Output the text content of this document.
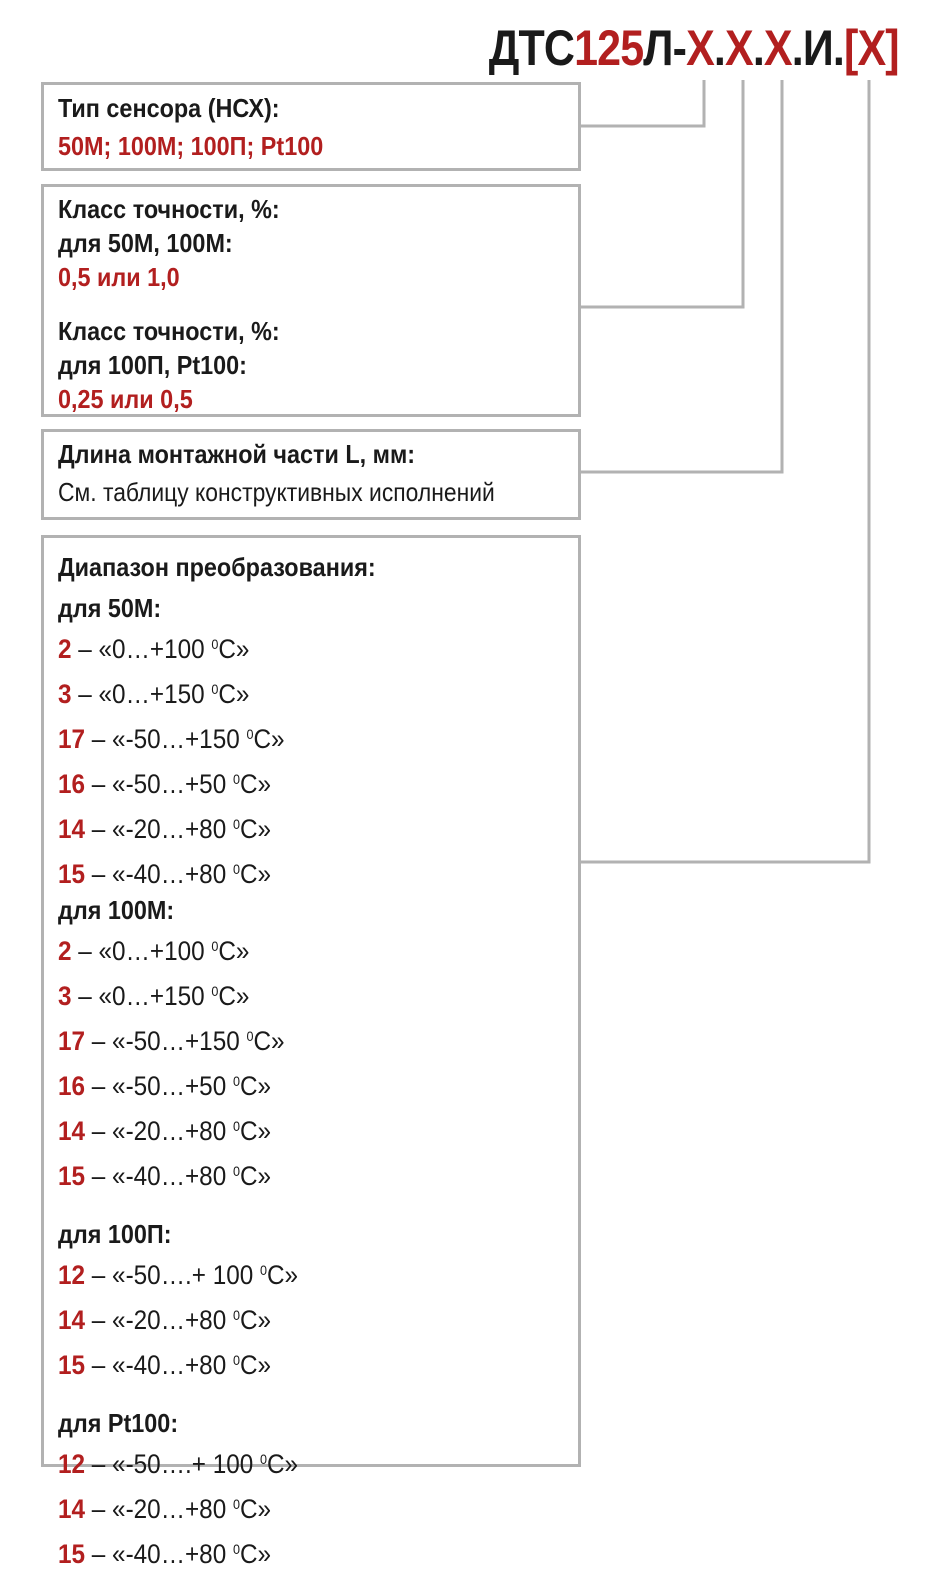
ДТС125Л-Х.Х.Х.И.[Х]
Тип сенсора (НСХ):
50М; 100М; 100П; Pt100
Класс точности, %:
для 50М, 100М:
0,5 или 1,0
Класс точности, %:
для 100П, Pt100:
0,25 или 0,5
Длина монтажной части L, мм:
См. таблицу конструктивных исполнений
Диапазон преобразования:
для 50М:
2 – «0…+100 $^0$С»
3 – «0…+150 $^0$С»
17 – «-50…+150 $^0$С»
16 – «-50…+50 $^0$С»
14 – «-20…+80 $^0$С»
15 – «-40…+80 $^0$С»
для 100М:
2 – «0…+100 $^0$С»
3 – «0…+150 $^0$С»
17 – «-50…+150 $^0$С»
16 – «-50…+50 $^0$С»
14 – «-20…+80 $^0$С»
15 – «-40…+80 $^0$С»
для 100П:
12 – «-50….+ 100 $^0$С»
14 – «-20…+80 $^0$С»
15 – «-40…+80 $^0$С»
для Pt100:
12 – «-50….+ 100 $^0$С»
14 – «-20…+80 $^0$С»
15 – «-40…+80 $^0$С»
